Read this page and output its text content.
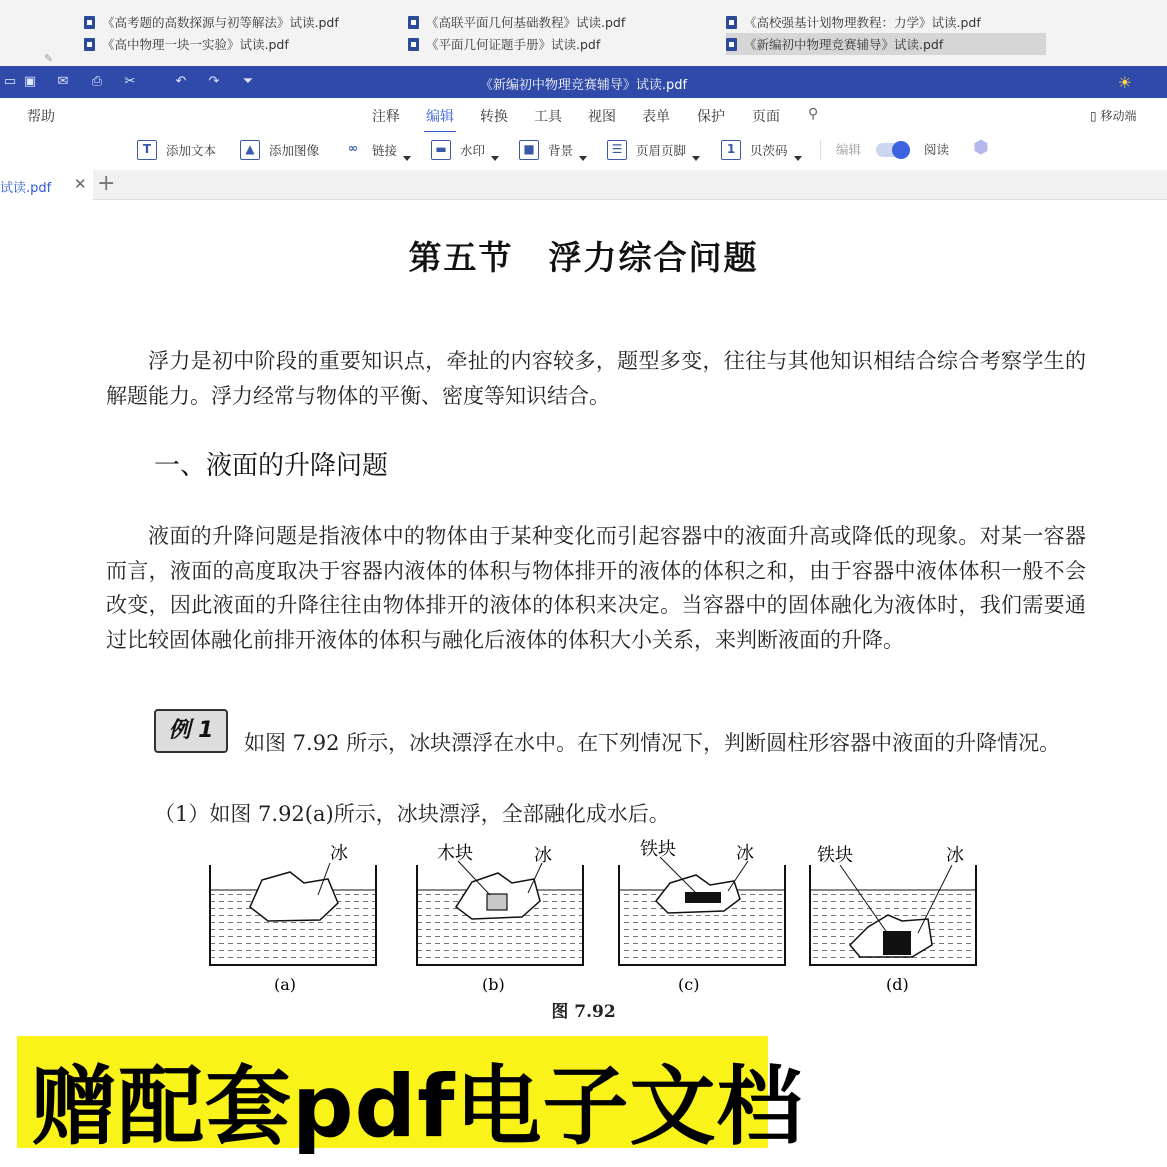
《高考题的高数探源与初等解法》试读.pdf
《高中物理一块一实验》试读.pdf
《高联平面几何基础教程》试读.pdf
《平面几何证题手册》试读.pdf
《高校强基计划物理教程：力学》试读.pdf
《新编初中物理竞赛辅导》试读.pdf
✎
▭ ▣ ✉ ⎙ ✂	↶ ↷ ⏷	《新编初中物理竞赛辅导》试读.pdf	☀
帮助	注释 编辑 转换 工具 视图 表单 保护 页面 ⚲	▯ 移动端
T	添加文本	▲	添加图像	∞	链接	▬	水印	■	背景	☰	页眉页脚	1	贝茨码	编辑	阅读 ⬢
试读.pdf ✕ +
第五节　浮力综合问题
浮力是初中阶段的重要知识点，牵扯的内容较多，题型多变，往往与其他知识相结合综合考察学生的解题能力。浮力经常与物体的平衡、密度等知识结合。
一、液面的升降问题
液面的升降问题是指液体中的物体由于某种变化而引起容器中的液面升高或降低的现象。对某一容器而言，液面的高度取决于容器内液体的体积与物体排开的液体的体积之和，由于容器中液体体积一般不会改变，因此液面的升降往往由物体排开的液体的体积来决定。当容器中的固体融化为液体时，我们需要通过比较固体融化前排开液体的体积与融化后液体的体积大小关系，来判断液面的升降。
例 1	如图 7.92 所示，冰块漂浮在水中。在下列情况下，判断圆柱形容器中液面的升降情况。
（1）如图 7.92(a)所示，冰块漂浮，全部融化成水后。
冰
(a)
木块	冰
(b)
铁块	冰
(c)
铁块	冰
(d)
图 7.92
赠配套pdf电子文档
